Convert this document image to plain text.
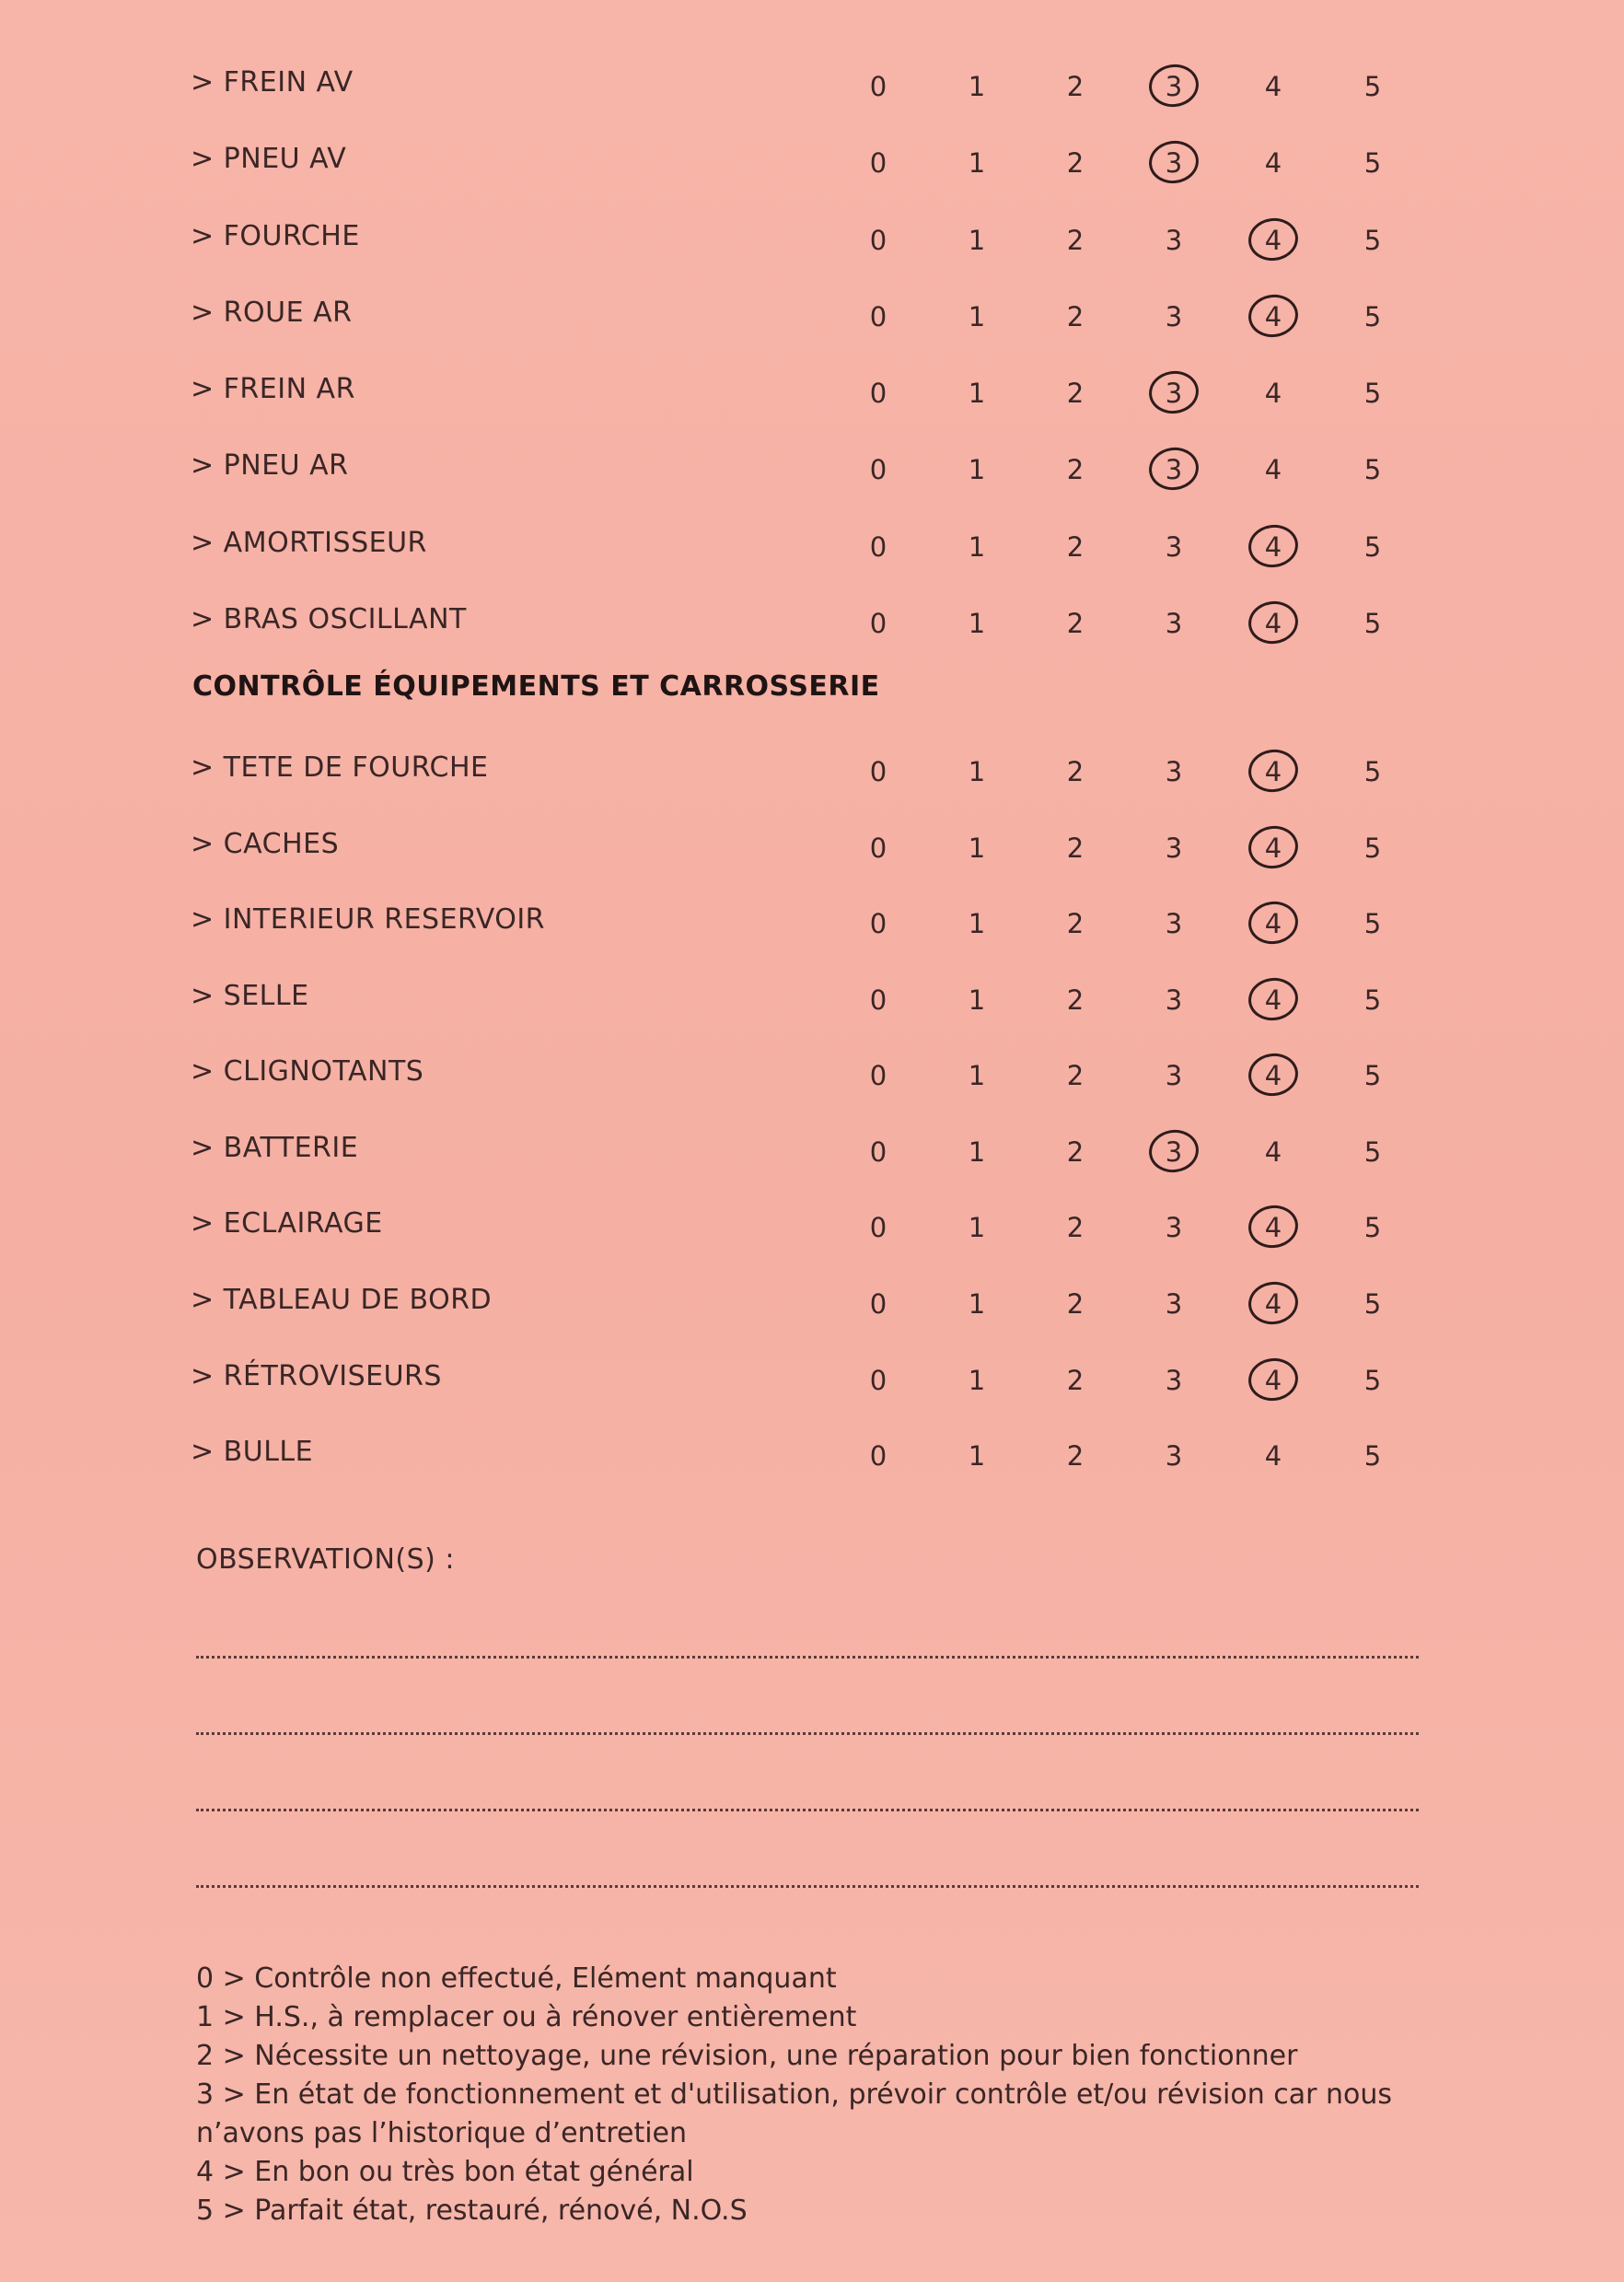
> FREIN AV	0	1	2	3	4	5
> PNEU AV	0	1	2	3	4	5
> FOURCHE	0	1	2	3	4	5
> ROUE AR	0	1	2	3	4	5
> FREIN AR	0	1	2	3	4	5
> PNEU AR	0	1	2	3	4	5
> AMORTISSEUR	0	1	2	3	4	5
> BRAS OSCILLANT	0	1	2	3	4	5
> TETE DE FOURCHE	0	1	2	3	4	5
> CACHES	0	1	2	3	4	5
> INTERIEUR RESERVOIR	0	1	2	3	4	5
> SELLE	0	1	2	3	4	5
> CLIGNOTANTS	0	1	2	3	4	5
> BATTERIE	0	1	2	3	4	5
> ECLAIRAGE	0	1	2	3	4	5
> TABLEAU DE BORD	0	1	2	3	4	5
> RÉTROVISEURS	0	1	2	3	4	5
> BULLE	0	1	2	3	4	5
CONTRÔLE ÉQUIPEMENTS ET CARROSSERIE
OBSERVATION(S) :
0 > Contrôle non effectué, Elément manquant
1 > H.S., à remplacer ou à rénover entièrement
2 > Nécessite un nettoyage, une révision, une réparation pour bien fonctionner
3 > En état de fonctionnement et d'utilisation, prévoir contrôle et/ou révision car nous n’avons pas l’historique d’entretien
4 > En bon ou très bon état général
5 > Parfait état, restauré, rénové, N.O.S
